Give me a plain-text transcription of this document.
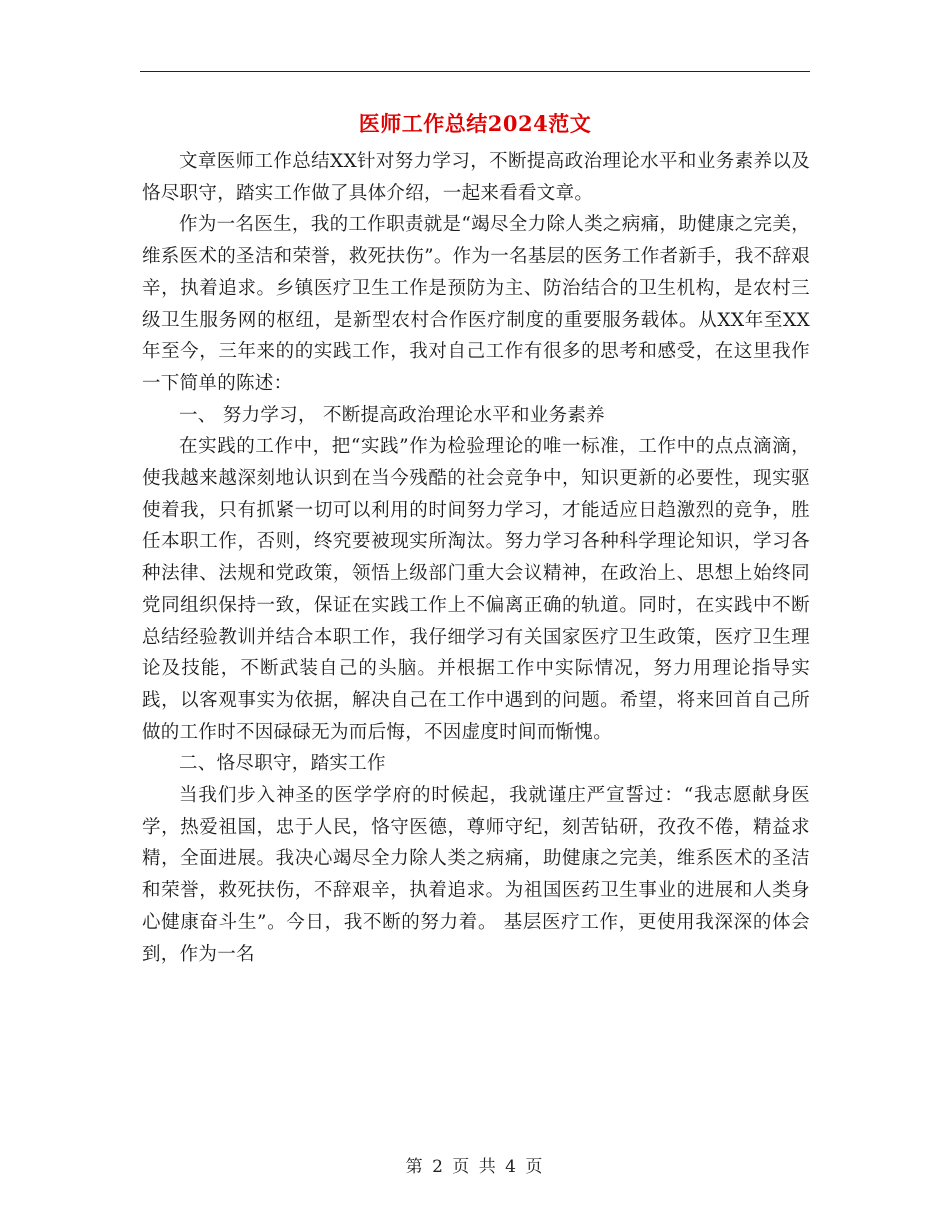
医师工作总结2024范文

文章医师工作总结XX针对努力学习，不断提高政治理论水平和业务素养以及恪尽职守，踏实工作做了具体介绍，一起来看看文章。

作为一名医生，我的工作职责就是“竭尽全力除人类之病痛，助健康之完美，维系医术的圣洁和荣誉，救死扶伤”。作为一名基层的医务工作者新手，我不辞艰辛，执着追求。乡镇医疗卫生工作是预防为主、防治结合的卫生机构，是农村三级卫生服务网的枢纽，是新型农村合作医疗制度的重要服务载体。从XX年至XX年至今，三年来的的实践工作，我对自己工作有很多的思考和感受，在这里我作一下简单的陈述：

一、 努力学习， 不断提高政治理论水平和业务素养

在实践的工作中，把“实践”作为检验理论的唯一标准，工作中的点点滴滴，使我越来越深刻地认识到在当今残酷的社会竞争中，知识更新的必要性，现实驱使着我，只有抓紧一切可以利用的时间努力学习，才能适应日趋激烈的竞争，胜任本职工作，否则，终究要被现实所淘汰。努力学习各种科学理论知识，学习各种法律、法规和党政策，领悟上级部门重大会议精神，在政治上、思想上始终同党同组织保持一致，保证在实践工作上不偏离正确的轨道。同时，在实践中不断总结经验教训并结合本职工作，我仔细学习有关国家医疗卫生政策，医疗卫生理论及技能，不断武装自己的头脑。并根据工作中实际情况，努力用理论指导实践，以客观事实为依据，解决自己在工作中遇到的问题。希望，将来回首自己所做的工作时不因碌碌无为而后悔，不因虚度时间而惭愧。

二、恪尽职守，踏实工作

当我们步入神圣的医学学府的时候起，我就谨庄严宣誓过：“我志愿献身医学，热爱祖国，忠于人民，恪守医德，尊师守纪，刻苦钻研，孜孜不倦，精益求精，全面进展。我决心竭尽全力除人类之病痛，助健康之完美，维系医术的圣洁和荣誉，救死扶伤，不辞艰辛，执着追求。为祖国医药卫生事业的进展和人类身心健康奋斗生”。今日，我不断的努力着。 基层医疗工作，更使用我深深的体会到，作为一名

第 2 页 共 4 页
